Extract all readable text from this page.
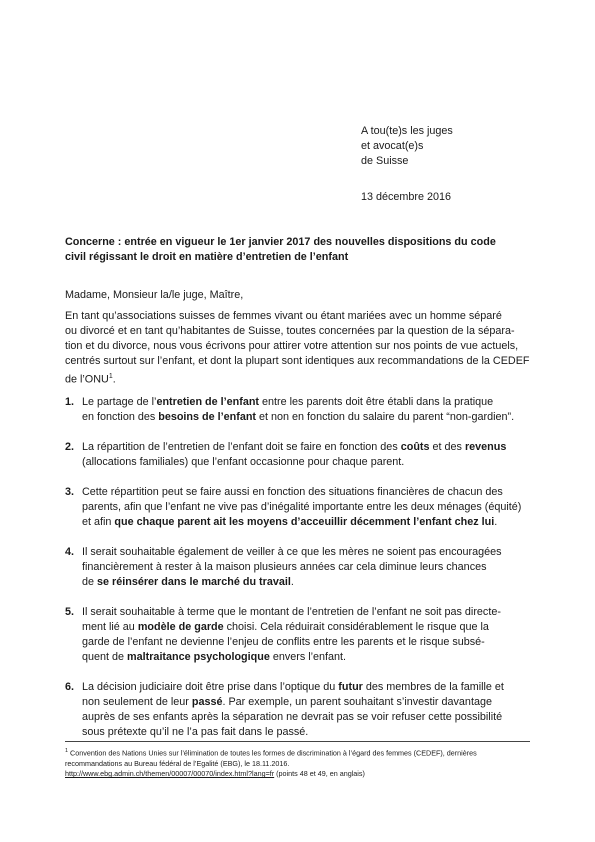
A tou(te)s les juges
et avocat(e)s
de Suisse
13 décembre 2016
Concerne : entrée en vigueur le 1er janvier 2017 des nouvelles dispositions du code
civil régissant le droit en matière d’entretien de l’enfant
Madame, Monsieur la/le juge, Maître,
En tant qu’associations suisses de femmes vivant ou étant mariées avec un homme séparé
ou divorcé et en tant qu’habitantes de Suisse, toutes concernées par la question de la sépara-
tion et du divorce, nous vous écrivons pour attirer votre attention sur nos points de vue actuels,
centrés surtout sur l’enfant, et dont la plupart sont identiques aux recommandations de la CEDEF
de l’ONU$^1$.
1. Le partage de l’entretien de l’enfant entre les parents doit être établi dans la pratique
en fonction des besoins de l’enfant et non en fonction du salaire du parent “non-gardien”.
2. La répartition de l’entretien de l’enfant doit se faire en fonction des coûts et des revenus
(allocations familiales) que l’enfant occasionne pour chaque parent.
3. Cette répartition peut se faire aussi en fonction des situations financières de chacun des
parents, afin que l’enfant ne vive pas d’inégalité importante entre les deux ménages (équité)
et afin que chaque parent ait les moyens d’acceuillir décemment l’enfant chez lui.
4. Il serait souhaitable également de veiller à ce que les mères ne soient pas encouragées
financièrement à rester à la maison plusieurs années car cela diminue leurs chances
de se réinsérer dans le marché du travail.
5. Il serait souhaitable à terme que le montant de l’entretien de l’enfant ne soit pas directe-
ment lié au modèle de garde choisi. Cela réduirait considérablement le risque que la
garde de l’enfant ne devienne l’enjeu de conflits entre les parents et le risque subsé-
quent de maltraitance psychologique envers l’enfant.
6. La décision judiciaire doit être prise dans l’optique du futur des membres de la famille et
non seulement de leur passé. Par exemple, un parent souhaitant s’investir davantage
auprès de ses enfants après la séparation ne devrait pas se voir refuser cette possibilité
sous prétexte qu’il ne l’a pas fait dans le passé.
$^1$ Convention des Nations Unies sur l’élimination de toutes les formes de discrimination à l’égard des femmes (CEDEF), dernières
recommandations au Bureau fédéral de l’Egalité (EBG), le 18.11.2016.
http://www.ebg.admin.ch/themen/00007/00070/index.html?lang=fr (points 48 et 49, en anglais)
